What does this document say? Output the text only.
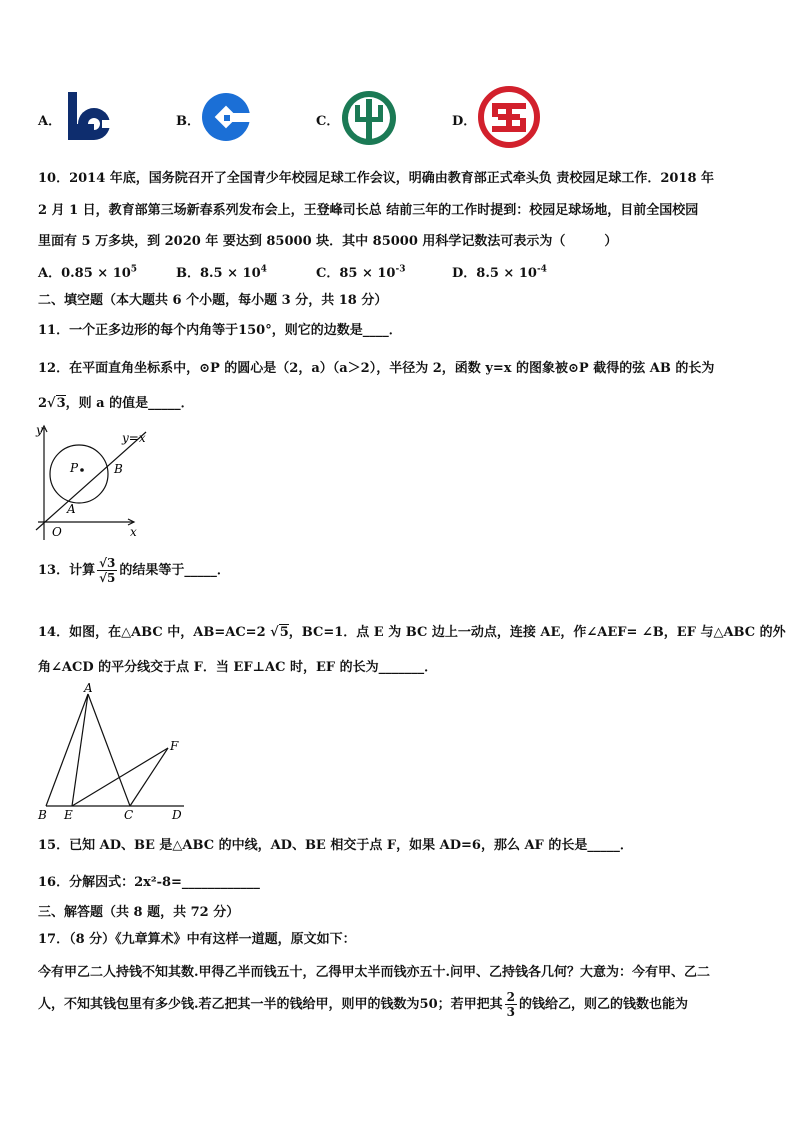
A．	B．	C．	D．
10．2014 年底，国务院召开了全国青少年校园足球工作会议，明确由教育部正式牵头负 责校园足球工作．2018 年
2 月 1 日，教育部第三场新春系列发布会上，王登峰司长总 结前三年的工作时提到：校园足球场地，目前全国校园
里面有 5 万多块，到 2020 年 要达到 85000 块．其中 85000 用科学记数法可表示为（　　　）
A．$0.85 \times 10^5$	B．$8.5 \times 10^4$	C．$85 \times 10^{-3}$	D．$8.5 \times 10^{-4}$
二、填空题（本大题共 6 个小题，每小题 3 分，共 18 分）
11．一个正多边形的每个内角等于150°，则它的边数是____．
12．在平面直角坐标系中，⊙P 的圆心是（2，a）（a＞2），半径为 2，函数 y=x 的图象被⊙P 截得的弦 AB 的长为
2√3，则 a 的值是_____．
y
x
O
P
A
B
y=x
13．计算 $\frac{√3}{√5}$ 的结果等于_____．
14．如图，在△ABC 中，AB=AC=2 √5，BC=1．点 E 为 BC 边上一动点，连接 AE，作∠AEF= ∠B，EF 与△ABC 的外
角∠ACD 的平分线交于点 F．当 EF⊥AC 时，EF 的长为_______．
A
B E	C	D
F
15．已知 AD、BE 是△ABC 的中线，AD、BE 相交于点 F，如果 AD=6，那么 AF 的长是_____．
16．分解因式：2x²-8=____________
三、解答题（共 8 题，共 72 分）
17．（8 分）《九章算术》中有这样一道题，原文如下：
今有甲乙二人持钱不知其数.甲得乙半而钱五十，乙得甲太半而钱亦五十.问甲、乙持钱各几何？大意为：今有甲、乙二
人，不知其钱包里有多少钱.若乙把其一半的钱给甲，则甲的钱数为50；若甲把其 $\frac{2}{3}$ 的钱给乙，则乙的钱数也能为
